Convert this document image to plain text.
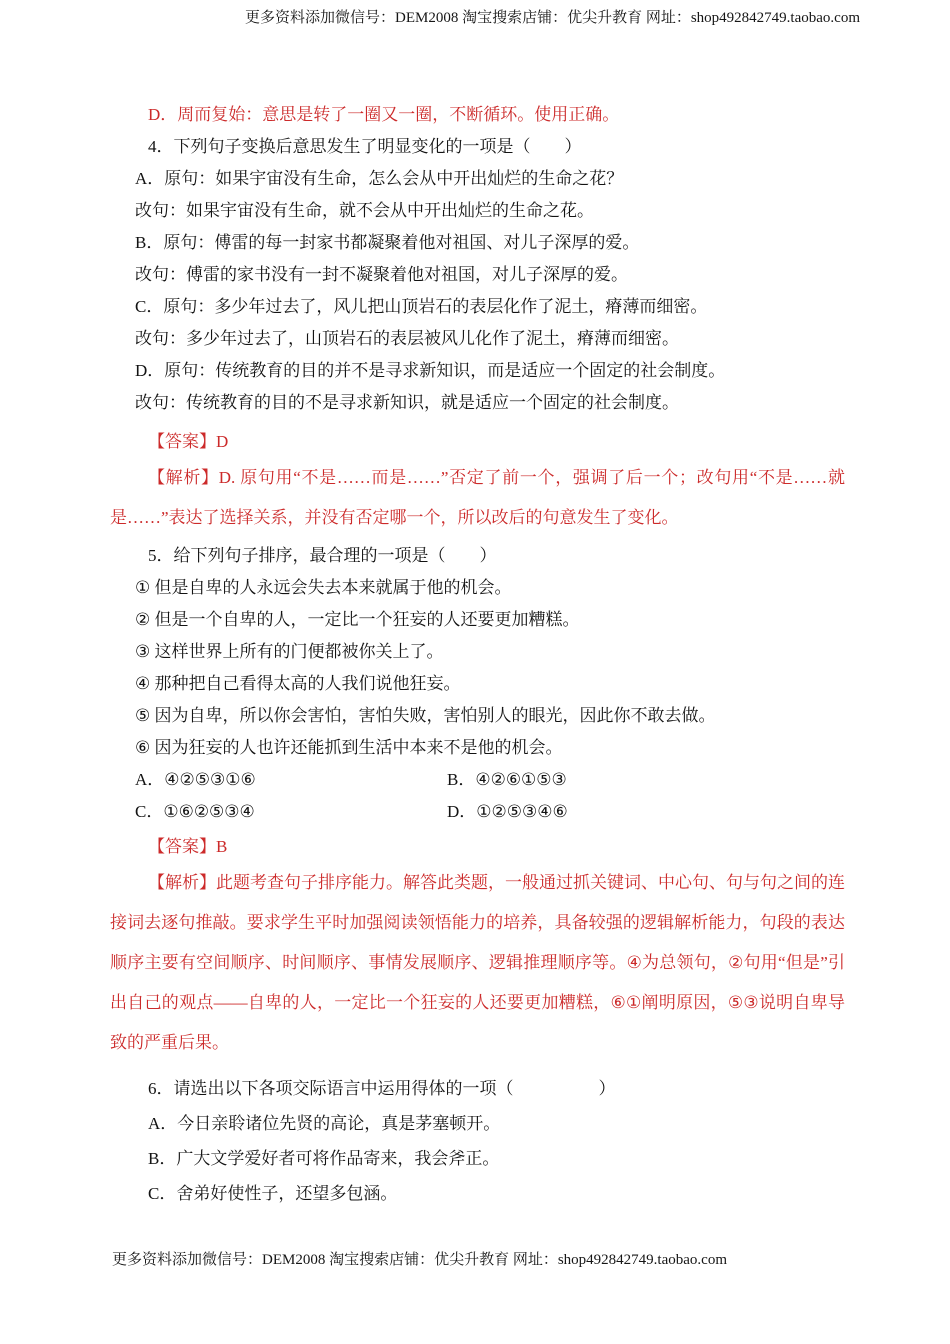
更多资料添加微信号：DEM2008 淘宝搜索店铺：优尖升教育 网址：shop492842749.taobao.com

D．周而复始：意思是转了一圈又一圈，不断循环。使用正确。

4．下列句子变换后意思发生了明显变化的一项是（　　）

A．原句：如果宇宙没有生命，怎么会从中开出灿烂的生命之花？

改句：如果宇宙没有生命，就不会从中开出灿烂的生命之花。

B．原句：傅雷的每一封家书都凝聚着他对祖国、对儿子深厚的爱。

改句：傅雷的家书没有一封不凝聚着他对祖国，对儿子深厚的爱。

C．原句：多少年过去了，风儿把山顶岩石的表层化作了泥土，瘠薄而细密。

改句：多少年过去了，山顶岩石的表层被风儿化作了泥土，瘠薄而细密。

D．原句：传统教育的目的并不是寻求新知识，而是适应一个固定的社会制度。

改句：传统教育的目的不是寻求新知识，就是适应一个固定的社会制度。

【答案】D

【解析】D. 原句用“不是……而是……”否定了前一个，强调了后一个；改句用“不是……就是……”表达了选择关系，并没有否定哪一个，所以改后的句意发生了变化。

5．给下列句子排序，最合理的一项是（　　）

① 但是自卑的人永远会失去本来就属于他的机会。

② 但是一个自卑的人，一定比一个狂妄的人还要更加糟糕。

③ 这样世界上所有的门便都被你关上了。

④ 那种把自己看得太高的人我们说他狂妄。

⑤ 因为自卑，所以你会害怕，害怕失败，害怕别人的眼光，因此你不敢去做。

⑥ 因为狂妄的人也许还能抓到生活中本来不是他的机会。

A．④②⑤③①⑥	B．④②⑥①⑤③

C．①⑥②⑤③④	D．①②⑤③④⑥

【答案】B

【解析】此题考查句子排序能力。解答此类题，一般通过抓关键词、中心句、句与句之间的连接词去逐句推敲。要求学生平时加强阅读领悟能力的培养，具备较强的逻辑解析能力，句段的表达顺序主要有空间顺序、时间顺序、事情发展顺序、逻辑推理顺序等。④为总领句，②句用“但是”引出自己的观点——自卑的人，一定比一个狂妄的人还要更加糟糕，⑥①阐明原因，⑤③说明自卑导致的严重后果。

6．请选出以下各项交际语言中运用得体的一项（　　　　　）

A．今日亲聆诸位先贤的高论，真是茅塞顿开。

B．广大文学爱好者可将作品寄来，我会斧正。

C．舍弟好使性子，还望多包涵。

更多资料添加微信号：DEM2008 淘宝搜索店铺：优尖升教育 网址：shop492842749.taobao.com
